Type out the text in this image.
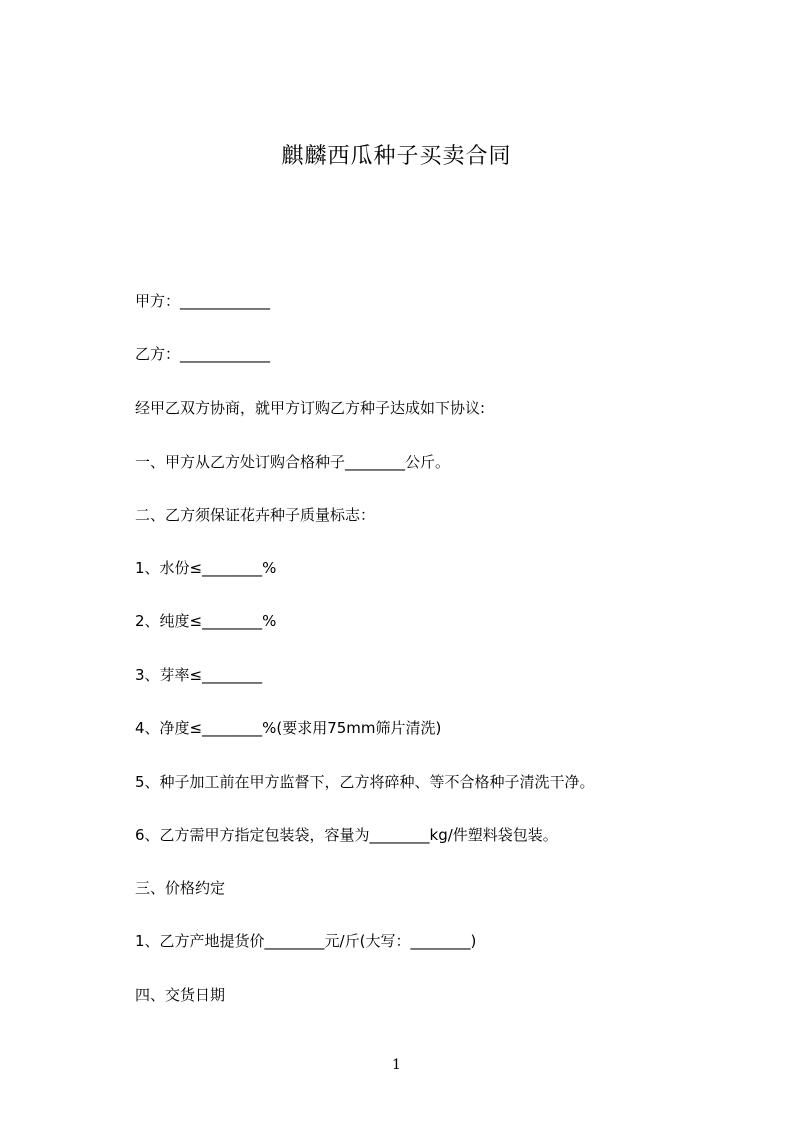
麒麟西瓜种子买卖合同

甲方：____________

乙方：____________

经甲乙双方协商，就甲方订购乙方种子达成如下协议:

一、甲方从乙方处订购合格种子________公斤。

二、乙方须保证花卉种子质量标志：

1、水份≤________%

2、纯度≤________%

3、芽率≤________

4、净度≤________%(要求用75mm筛片清洗)

5、种子加工前在甲方监督下，乙方将碎种、等不合格种子清洗干净。

6、乙方需甲方指定包装袋，容量为________kg/件塑料袋包装。

三、价格约定

1、乙方产地提货价________元/斤(大写：________)

四、交货日期

1
